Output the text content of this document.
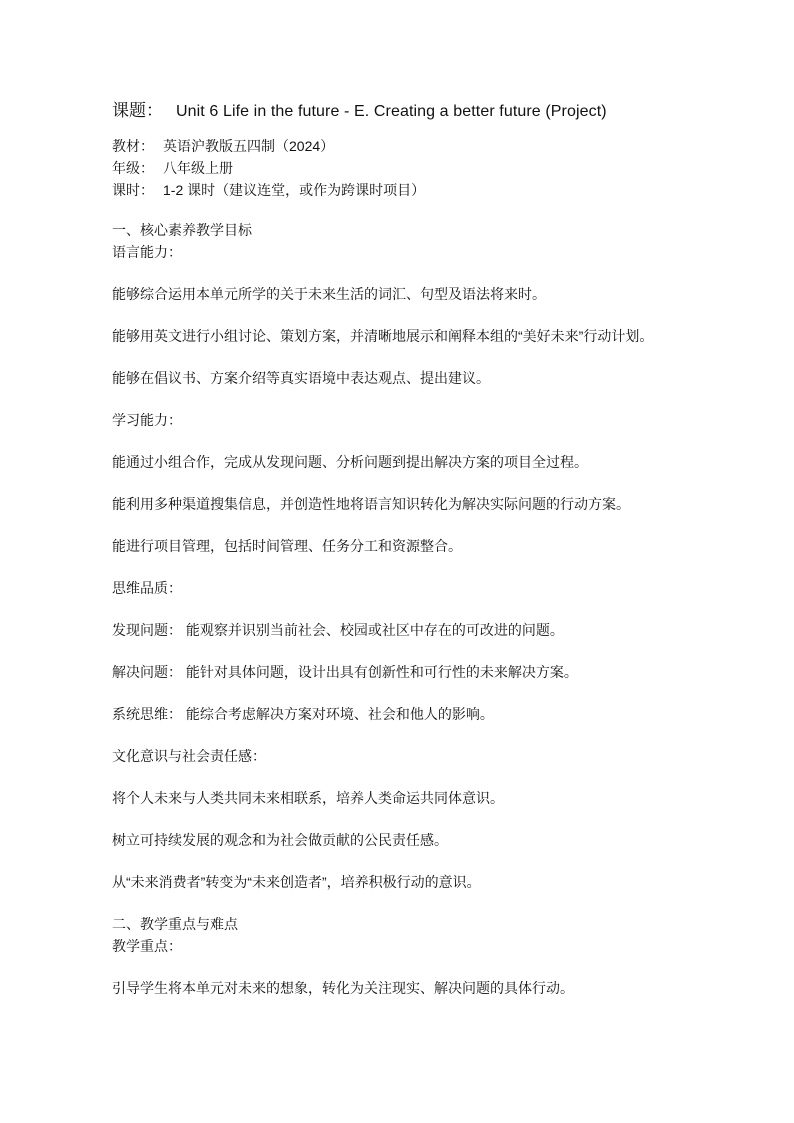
课题： Unit 6 Life in the future - E. Creating a better future (Project)

教材： 英语沪教版五四制（2024）

年级： 八年级上册

课时： 1-2 课时（建议连堂，或作为跨课时项目）

一、核心素养教学目标

语言能力：

能够综合运用本单元所学的关于未来生活的词汇、句型及语法将来时。

能够用英文进行小组讨论、策划方案，并清晰地展示和阐释本组的“美好未来”行动计划。

能够在倡议书、方案介绍等真实语境中表达观点、提出建议。

学习能力：

能通过小组合作，完成从发现问题、分析问题到提出解决方案的项目全过程。

能利用多种渠道搜集信息，并创造性地将语言知识转化为解决实际问题的行动方案。

能进行项目管理，包括时间管理、任务分工和资源整合。

思维品质：

发现问题： 能观察并识别当前社会、校园或社区中存在的可改进的问题。

解决问题： 能针对具体问题，设计出具有创新性和可行性的未来解决方案。

系统思维： 能综合考虑解决方案对环境、社会和他人的影响。

文化意识与社会责任感：

将个人未来与人类共同未来相联系，培养人类命运共同体意识。

树立可持续发展的观念和为社会做贡献的公民责任感。

从“未来消费者”转变为“未来创造者”，培养积极行动的意识。

二、教学重点与难点

教学重点：

引导学生将本单元对未来的想象，转化为关注现实、解决问题的具体行动。
